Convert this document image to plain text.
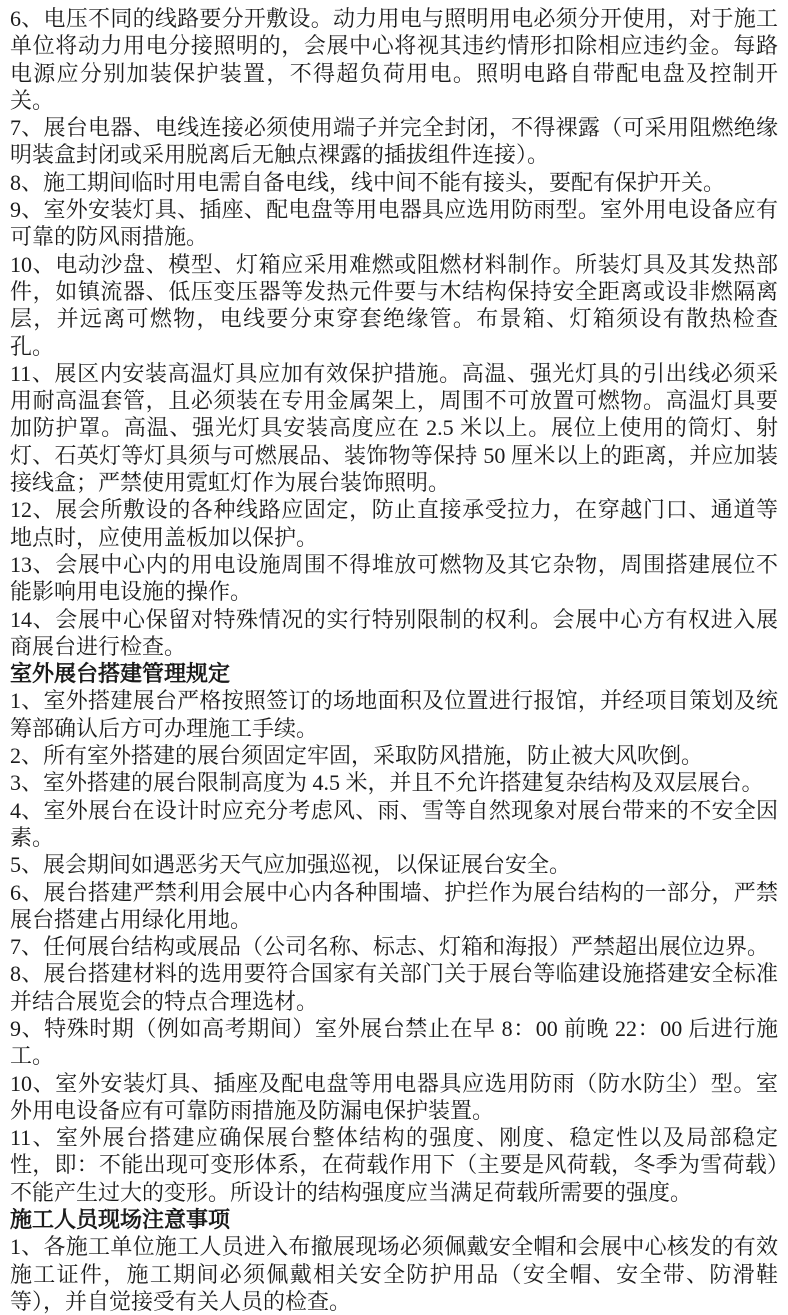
6、电压不同的线路要分开敷设。动力用电与照明用电必须分开使用，对于施工单位将动力用电分接照明的，会展中心将视其违约情形扣除相应违约金。每路电源应分别加装保护装置，不得超负荷用电。照明电路自带配电盘及控制开关。

7、展台电器、电线连接必须使用端子并完全封闭，不得裸露（可采用阻燃绝缘明装盒封闭或采用脱离后无触点裸露的插拔组件连接）。

8、施工期间临时用电需自备电线，线中间不能有接头，要配有保护开关。

9、室外安装灯具、插座、配电盘等用电器具应选用防雨型。室外用电设备应有可靠的防风雨措施。

10、电动沙盘、模型、灯箱应采用难燃或阻燃材料制作。所装灯具及其发热部件，如镇流器、低压变压器等发热元件要与木结构保持安全距离或设非燃隔离层，并远离可燃物，电线要分束穿套绝缘管。布景箱、灯箱须设有散热检查孔。

11、展区内安装高温灯具应加有效保护措施。高温、强光灯具的引出线必须采用耐高温套管，且必须装在专用金属架上，周围不可放置可燃物。高温灯具要加防护罩。高温、强光灯具安装高度应在 2.5 米以上。展位上使用的筒灯、射灯、石英灯等灯具须与可燃展品、装饰物等保持 50 厘米以上的距离，并应加装接线盒；严禁使用霓虹灯作为展台装饰照明。

12、展会所敷设的各种线路应固定，防止直接承受拉力，在穿越门口、通道等地点时，应使用盖板加以保护。

13、会展中心内的用电设施周围不得堆放可燃物及其它杂物，周围搭建展位不能影响用电设施的操作。

14、会展中心保留对特殊情况的实行特别限制的权利。会展中心方有权进入展商展台进行检查。

室外展台搭建管理规定

1、室外搭建展台严格按照签订的场地面积及位置进行报馆，并经项目策划及统筹部确认后方可办理施工手续。

2、所有室外搭建的展台须固定牢固，采取防风措施，防止被大风吹倒。

3、室外搭建的展台限制高度为 4.5 米，并且不允许搭建复杂结构及双层展台。

4、室外展台在设计时应充分考虑风、雨、雪等自然现象对展台带来的不安全因素。

5、展会期间如遇恶劣天气应加强巡视，以保证展台安全。

6、展台搭建严禁利用会展中心内各种围墙、护拦作为展台结构的一部分，严禁展台搭建占用绿化用地。

7、任何展台结构或展品（公司名称、标志、灯箱和海报）严禁超出展位边界。

8、展台搭建材料的选用要符合国家有关部门关于展台等临建设施搭建安全标准并结合展览会的特点合理选材。

9、特殊时期（例如高考期间）室外展台禁止在早 8：00 前晚 22：00 后进行施工。

10、室外安装灯具、插座及配电盘等用电器具应选用防雨（防水防尘）型。室外用电设备应有可靠防雨措施及防漏电保护装置。

11、室外展台搭建应确保展台整体结构的强度、刚度、稳定性以及局部稳定性，即：不能出现可变形体系，在荷载作用下（主要是风荷载，冬季为雪荷载）不能产生过大的变形。所设计的结构强度应当满足荷载所需要的强度。

施工人员现场注意事项

1、各施工单位施工人员进入布撤展现场必须佩戴安全帽和会展中心核发的有效施工证件，施工期间必须佩戴相关安全防护用品（安全帽、安全带、防滑鞋等），并自觉接受有关人员的检查。
